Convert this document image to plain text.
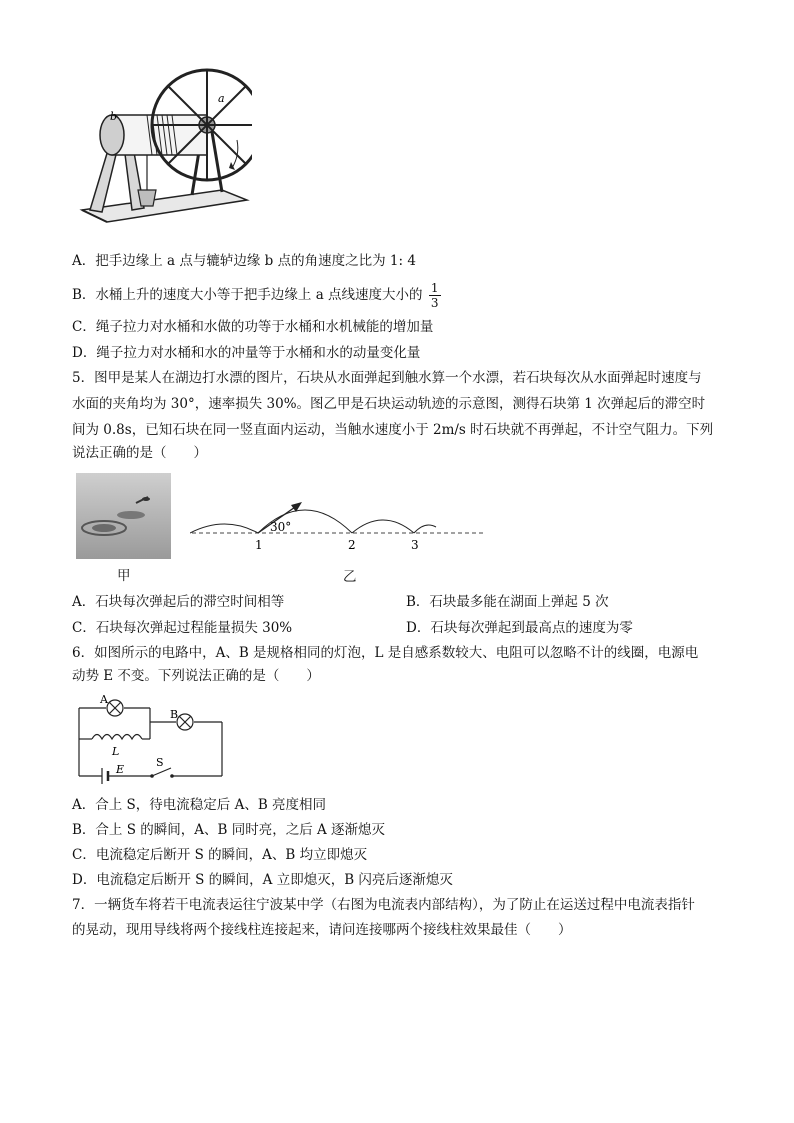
a
b
A．把手边缘上 a 点与辘轳边缘 b 点的角速度之比为 1: 4
B．水桶上升的速度大小等于把手边缘上 a 点线速度大小的 $\frac{1}{3}$
C．绳子拉力对水桶和水做的功等于水桶和水机械能的增加量
D．绳子拉力对水桶和水的冲量等于水桶和水的动量变化量
5．图甲是某人在湖边打水漂的图片，石块从水面弹起到触水算一个水漂，若石块每次从水面弹起时速度与
水面的夹角均为 30°，速率损失 30%。图乙甲是石块运动轨迹的示意图，测得石块第 1 次弹起后的滞空时
间为 0.8s，已知石块在同一竖直面内运动，当触水速度小于 2m/s 时石块就不再弹起，不计空气阻力。下列
说法正确的是（　　）
甲
30°
1	2	3
乙
A．石块每次弹起后的滞空时间相等	B．石块最多能在湖面上弹起 5 次
C．石块每次弹起过程能量损失 30%	D．石块每次弹起到最高点的速度为零
6．如图所示的电路中，A、B 是规格相同的灯泡，L 是自感系数较大、电阻可以忽略不计的线圈，电源电
动势 E 不变。下列说法正确的是（　　）
A
B
L
E
S
A．合上 S，待电流稳定后 A、B 亮度相同
B．合上 S 的瞬间，A、B 同时亮，之后 A 逐渐熄灭
C．电流稳定后断开 S 的瞬间，A、B 均立即熄灭
D．电流稳定后断开 S 的瞬间，A 立即熄灭，B 闪亮后逐渐熄灭
7．一辆货车将若干电流表运往宁波某中学（右图为电流表内部结构），为了防止在运送过程中电流表指针
的晃动，现用导线将两个接线柱连接起来，请问连接哪两个接线柱效果最佳（　　）
